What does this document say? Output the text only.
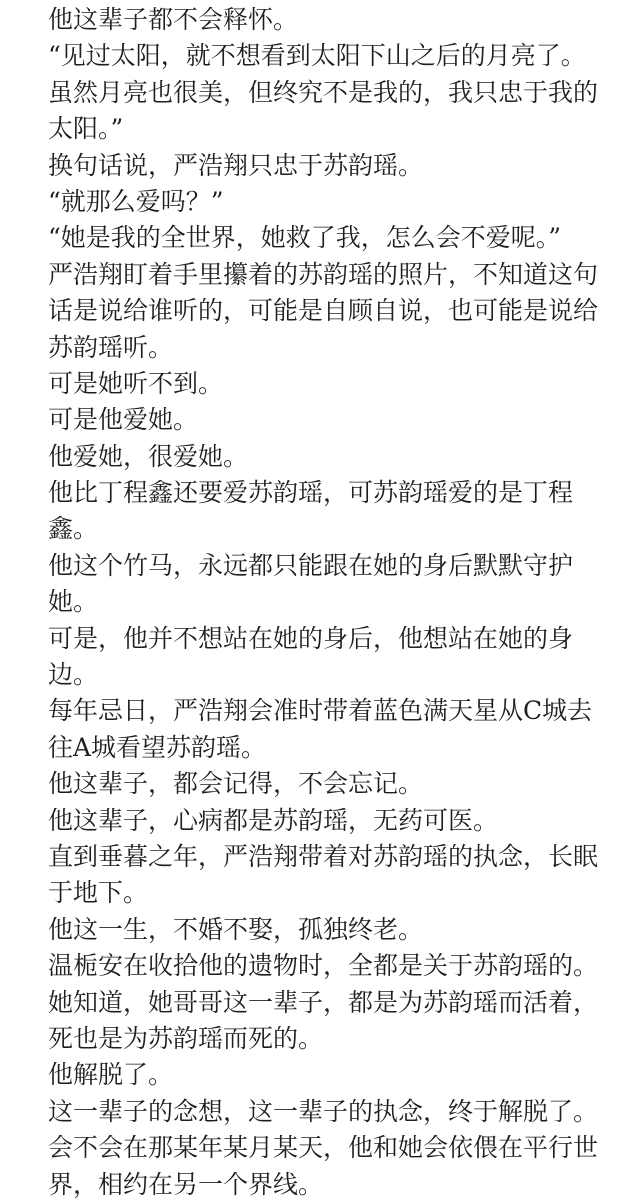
他这辈子都不会释怀。

“见过太阳，就不想看到太阳下山之后的月亮了。

虽然月亮也很美，但终究不是我的，我只忠于我的

太阳。”

换句话说，严浩翔只忠于苏韵瑶。

“就那么爱吗？”

“她是我的全世界，她救了我，怎么会不爱呢。”

严浩翔盯着手里攥着的苏韵瑶的照片，不知道这句

话是说给谁听的，可能是自顾自说，也可能是说给

苏韵瑶听。

可是她听不到。

可是他爱她。

他爱她，很爱她。

他比丁程鑫还要爱苏韵瑶，可苏韵瑶爱的是丁程

鑫。

他这个竹马，永远都只能跟在她的身后默默守护

她。

可是，他并不想站在她的身后，他想站在她的身

边。

每年忌日，严浩翔会准时带着蓝色满天星从C城去

往A城看望苏韵瑶。

他这辈子，都会记得，不会忘记。

他这辈子，心病都是苏韵瑶，无药可医。

直到垂暮之年，严浩翔带着对苏韵瑶的执念，长眠

于地下。

他这一生，不婚不娶，孤独终老。

温栀安在收拾他的遗物时，全都是关于苏韵瑶的。

她知道，她哥哥这一辈子，都是为苏韵瑶而活着，

死也是为苏韵瑶而死的。

他解脱了。

这一辈子的念想，这一辈子的执念，终于解脱了。

会不会在那某年某月某天，他和她会依偎在平行世

界，相约在另一个界线。
